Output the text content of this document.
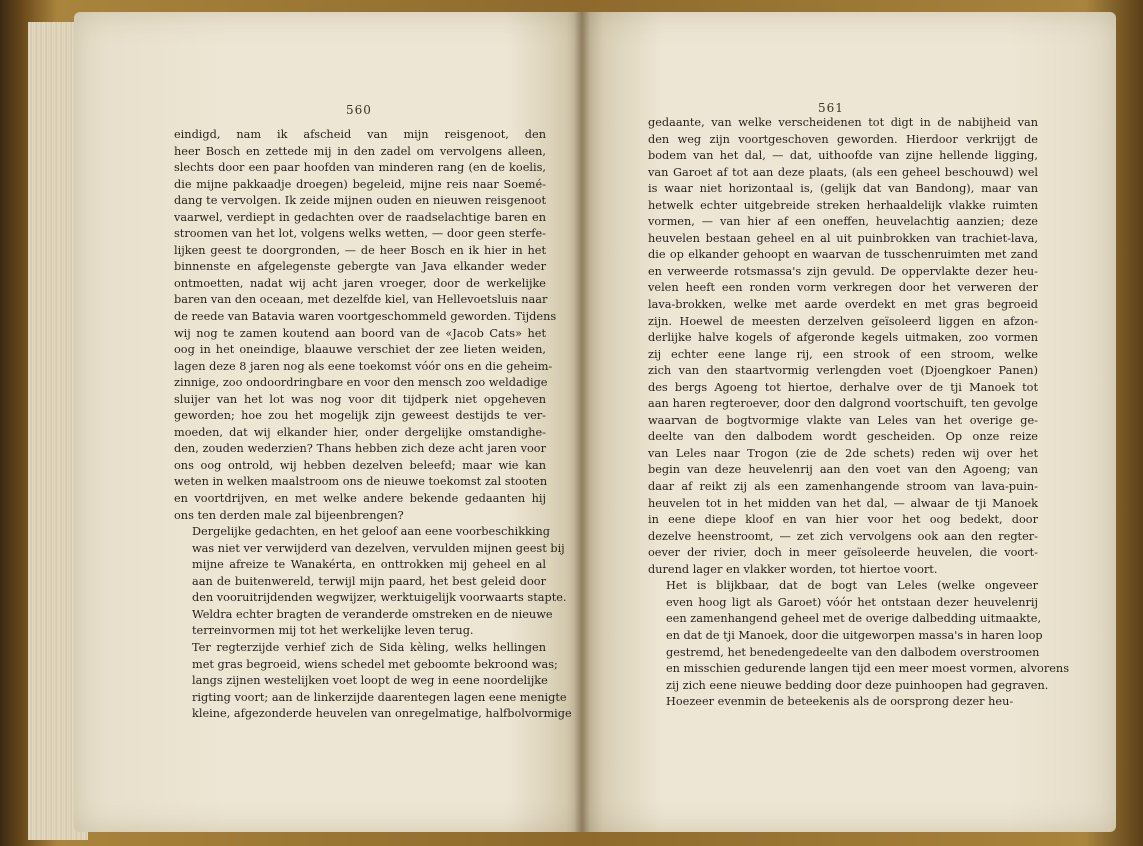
560	561

eindigd, nam ik afscheid van mijn reisgenoot, den
heer Bosch en zettede mij in den zadel om vervolgens alleen,
slechts door een paar hoofden van minderen rang (en de koelis,
die mijne pakkaadje droegen) begeleid, mijne reis naar Soemé-
dang te vervolgen. Ik zeide mijnen ouden en nieuwen reisgenoot
vaarwel, verdiept in gedachten over de raadselachtige baren en
stroomen van het lot, volgens welks wetten, — door geen sterfe-
lijken geest te doorgronden, — de heer Bosch en ik hier in het
binnenste en afgelegenste gebergte van Java elkander weder
ontmoetten, nadat wij acht jaren vroeger, door de werkelijke
baren van den oceaan, met dezelfde kiel, van Hellevoetsluis naar
de reede van Batavia waren voortgeschommeld geworden. Tijdens
wij nog te zamen koutend aan boord van de «Jacob Cats» het
oog in het oneindige, blaauwe verschiet der zee lieten weiden,
lagen deze 8 jaren nog als eene toekomst vóór ons en die geheim-
zinnige, zoo ondoordringbare en voor den mensch zoo weldadige
sluijer van het lot was nog voor dit tijdperk niet opgeheven
geworden; hoe zou het mogelijk zijn geweest destijds te ver-
moeden, dat wij elkander hier, onder dergelijke omstandighe-
den, zouden wederzien? Thans hebben zich deze acht jaren voor
ons oog ontrold, wij hebben dezelven beleefd; maar wie kan
weten in welken maalstroom ons de nieuwe toekomst zal stooten
en voortdrijven, en met welke andere bekende gedaanten hij
ons ten derden male zal bijeenbrengen?

Dergelijke gedachten, en het geloof aan eene voorbeschikking
was niet ver verwijderd van dezelven, vervulden mijnen geest bij
mijne afreize te Wanakérta, en onttrokken mij geheel en al
aan de buitenwereld, terwijl mijn paard, het best geleid door
den vooruitrijdenden wegwijzer, werktuigelijk voorwaarts stapte.
Weldra echter bragten de veranderde omstreken en de nieuwe
terreinvormen mij tot het werkelijke leven terug.

Ter regterzijde verhief zich de Sida kèling, welks hellingen
met gras begroeid, wiens schedel met geboomte bekroond was;
langs zijnen westelijken voet loopt de weg in eene noordelijke
rigting voort; aan de linkerzijde daarentegen lagen eene menigte
kleine, afgezonderde heuvelen van onregelmatige, halfbolvormige

gedaante, van welke verscheidenen tot digt in de nabijheid van
den weg zijn voortgeschoven geworden. Hierdoor verkrijgt de
bodem van het dal, — dat, uithoofde van zijne hellende ligging,
van Garoet af tot aan deze plaats, (als een geheel beschouwd) wel
is waar niet horizontaal is, (gelijk dat van Bandong), maar van
hetwelk echter uitgebreide streken herhaaldelijk vlakke ruimten
vormen, — van hier af een oneffen, heuvelachtig aanzien; deze
heuvelen bestaan geheel en al uit puinbrokken van trachiet-lava,
die op elkander gehoopt en waarvan de tusschenruimten met zand
en verweerde rotsmassa's zijn gevuld. De oppervlakte dezer heu-
velen heeft een ronden vorm verkregen door het verweren der
lava-brokken, welke met aarde overdekt en met gras begroeid
zijn. Hoewel de meesten derzelven geïsoleerd liggen en afzon-
derlijke halve kogels of afgeronde kegels uitmaken, zoo vormen
zij echter eene lange rij, een strook of een stroom, welke
zich van den staartvormig verlengden voet (Djoengkoer Panen)
des bergs Agoeng tot hiertoe, derhalve over de tji Manoek tot
aan haren regteroever, door den dalgrond voortschuift, ten gevolge
waarvan de bogtvormige vlakte van Leles van het overige ge-
deelte van den dalbodem wordt gescheiden. Op onze reize
van Leles naar Trogon (zie de 2de schets) reden wij over het
begin van deze heuvelenrij aan den voet van den Agoeng; van
daar af reikt zij als een zamenhangende stroom van lava-puin-
heuvelen tot in het midden van het dal, — alwaar de tji Manoek
in eene diepe kloof en van hier voor het oog bedekt, door
dezelve heenstroomt, — zet zich vervolgens ook aan den regter-
oever der rivier, doch in meer geïsoleerde heuvelen, die voort-
durend lager en vlakker worden, tot hiertoe voort.

Het is blijkbaar, dat de bogt van Leles (welke ongeveer
even hoog ligt als Garoet) vóór het ontstaan dezer heuvelenrij
een zamenhangend geheel met de overige dalbedding uitmaakte,
en dat de tji Manoek, door die uitgeworpen massa's in haren loop
gestremd, het benedengedeelte van den dalbodem overstroomen
en misschien gedurende langen tijd een meer moest vormen, alvorens
zij zich eene nieuwe bedding door deze puinhoopen had gegraven.

Hoezeer evenmin de beteekenis als de oorsprong dezer heu-
